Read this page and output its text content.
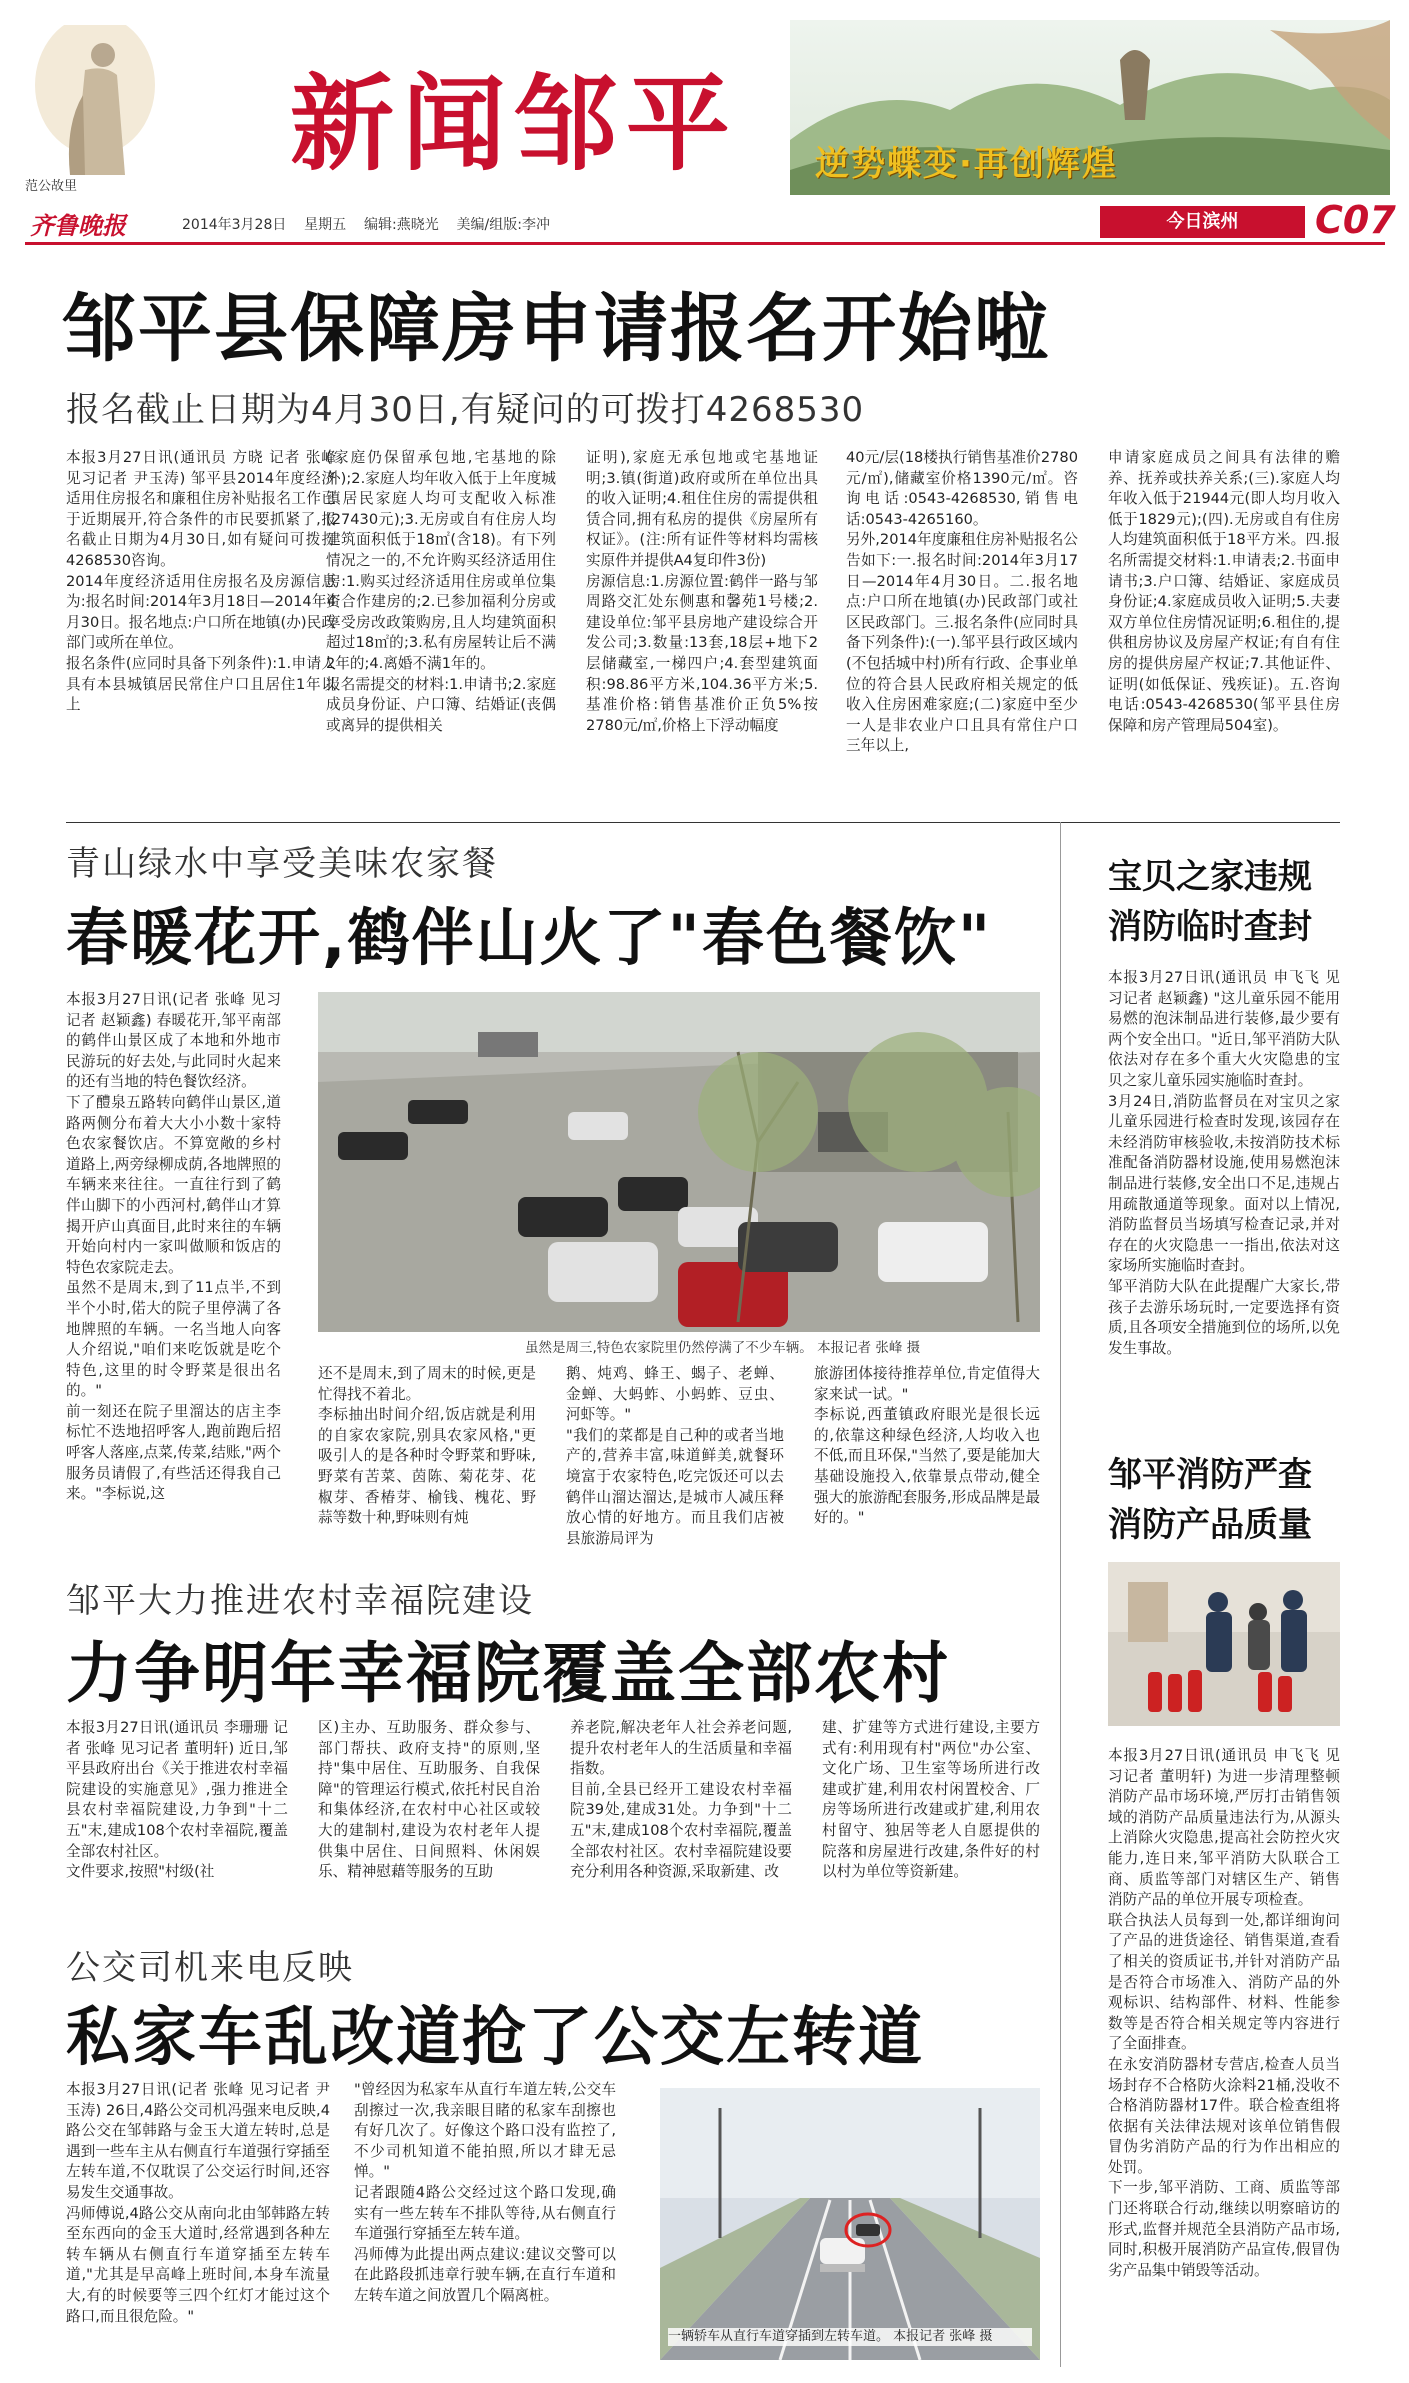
范公故里
新闻邹平 逆势蝶变·再创辉煌
齐鲁晚报	2014年3月28日 星期五 编辑:燕晓光 美编/组版:李冲	今日滨州	C07
邹平县保障房申请报名开始啦
报名截止日期为4月30日,有疑问的可拨打4268530
本报3月27日讯(通讯员 方晓 记者 张峰 见习记者 尹玉涛) 邹平县2014年度经济适用住房报名和廉租住房补贴报名工作已于近期展开,符合条件的市民要抓紧了,报名截止日期为4月30日,如有疑问可拨打4268530咨询。
2014年度经济适用住房报名及房源信息为:报名时间:2014年3月18日—2014年4月30日。报名地点:户口所在地镇(办)民政部门或所在单位。
报名条件(应同时具备下列条件):1.申请人具有本县城镇居民常住户口且居住1年以上
(家庭仍保留承包地,宅基地的除外);2.家庭人均年收入低于上年度城镇居民家庭人均可支配收入标准(27430元);3.无房或自有住房人均建筑面积低于18㎡(含18)。有下列情况之一的,不允许购买经济适用住房:1.购买过经济适用住房或单位集资合作建房的;2.已参加福利分房或享受房改政策购房,且人均建筑面积超过18㎡的;3.私有房屋转让后不满2年的;4.离婚不满1年的。
报名需提交的材料:1.申请书;2.家庭成员身份证、户口簿、结婚证(丧偶或离异的提供相关
证明),家庭无承包地或宅基地证明;3.镇(街道)政府或所在单位出具的收入证明;4.租住住房的需提供租赁合同,拥有私房的提供《房屋所有权证》。(注:所有证件等材料均需核实原件并提供A4复印件3份)
房源信息:1.房源位置:鹤伴一路与邹周路交汇处东侧惠和馨苑1号楼;2.建设单位:邹平县房地产建设综合开发公司;3.数量:13套,18层+地下2层储藏室,一梯四户;4.套型建筑面积:98.86平方米,104.36平方米;5.基准价格:销售基准价正负5%按2780元/㎡,价格上下浮动幅度
40元/层(18楼执行销售基准价2780元/㎡),储藏室价格1390元/㎡。咨询电话:0543-4268530,销售电话:0543-4265160。
另外,2014年度廉租住房补贴报名公告如下:一.报名时间:2014年3月17日—2014年4月30日。二.报名地点:户口所在地镇(办)民政部门或社区民政部门。三.报名条件(应同时具备下列条件):(一).邹平县行政区域内(不包括城中村)所有行政、企事业单位的符合县人民政府相关规定的低收入住房困难家庭;(二)家庭中至少一人是非农业户口且具有常住户口三年以上,
申请家庭成员之间具有法律的赡养、抚养或扶养关系;(三).家庭人均年收入低于21944元(即人均月收入低于1829元);(四).无房或自有住房人均建筑面积低于18平方米。四.报名所需提交材料:1.申请表;2.书面申请书;3.户口簿、结婚证、家庭成员身份证;4.家庭成员收入证明;5.夫妻双方单位住房情况证明;6.租住的,提供租房协议及房屋产权证;有自有住房的提供房屋产权证;7.其他证件、证明(如低保证、残疾证)。五.咨询电话:0543-4268530(邹平县住房保障和房产管理局504室)。
青山绿水中享受美味农家餐
春暖花开,鹤伴山火了"春色餐饮"
本报3月27日讯(记者 张峰 见习记者 赵颖鑫) 春暖花开,邹平南部的鹤伴山景区成了本地和外地市民游玩的好去处,与此同时火起来的还有当地的特色餐饮经济。
下了醴泉五路转向鹤伴山景区,道路两侧分布着大大小小数十家特色农家餐饮店。不算宽敞的乡村道路上,两旁绿柳成荫,各地牌照的车辆来来往往。一直往行到了鹤伴山脚下的小西河村,鹤伴山才算揭开庐山真面目,此时来往的车辆开始向村内一家叫做顺和饭店的特色农家院走去。
虽然不是周末,到了11点半,不到半个小时,偌大的院子里停满了各地牌照的车辆。一名当地人向客人介绍说,"咱们来吃饭就是吃个特色,这里的时令野菜是很出名的。"
前一刻还在院子里溜达的店主李标忙不迭地招呼客人,跑前跑后招呼客人落座,点菜,传菜,结账,"两个服务员请假了,有些活还得我自己来。"李标说,这
虽然是周三,特色农家院里仍然停满了不少车辆。 本报记者 张峰 摄
还不是周末,到了周末的时候,更是忙得找不着北。
李标抽出时间介绍,饭店就是利用的自家农家院,别具农家风格,"更吸引人的是各种时令野菜和野味,野菜有苦菜、茵陈、菊花芽、花椒芽、香椿芽、榆钱、槐花、野蒜等数十种,野味则有炖
鹅、炖鸡、蜂王、蝎子、老蝉、金蝉、大蚂蚱、小蚂蚱、豆虫、河虾等。"
"我们的菜都是自己种的或者当地产的,营养丰富,味道鲜美,就餐环境富于农家特色,吃完饭还可以去鹤伴山溜达溜达,是城市人减压释放心情的好地方。而且我们店被县旅游局评为
旅游团体接待推荐单位,肯定值得大家来试一试。"
李标说,西董镇政府眼光是很长远的,依靠这种绿色经济,人均收入也不低,而且环保,"当然了,要是能加大基础设施投入,依靠景点带动,健全强大的旅游配套服务,形成品牌是最好的。"
邹平大力推进农村幸福院建设
力争明年幸福院覆盖全部农村
本报3月27日讯(通讯员 李珊珊 记者 张峰 见习记者 董明轩) 近日,邹平县政府出台《关于推进农村幸福院建设的实施意见》,强力推进全县农村幸福院建设,力争到"十二五"末,建成108个农村幸福院,覆盖全部农村社区。
文件要求,按照"村级(社
区)主办、互助服务、群众参与、部门帮扶、政府支持"的原则,坚持"集中居住、互助服务、自我保障"的管理运行模式,依托村民自治和集体经济,在农村中心社区或较大的建制村,建设为农村老年人提供集中居住、日间照料、休闲娱乐、精神慰藉等服务的互助
养老院,解决老年人社会养老问题,提升农村老年人的生活质量和幸福指数。
目前,全县已经开工建设农村幸福院39处,建成31处。力争到"十二五"末,建成108个农村幸福院,覆盖全部农村社区。农村幸福院建设要充分利用各种资源,采取新建、改
建、扩建等方式进行建设,主要方式有:利用现有村"两位"办公室、文化广场、卫生室等场所进行改建或扩建,利用农村闲置校舍、厂房等场所进行改建或扩建,利用农村留守、独居等老人自愿提供的院落和房屋进行改建,条件好的村以村为单位等资新建。
公交司机来电反映
私家车乱改道抢了公交左转道
本报3月27日讯(记者 张峰 见习记者 尹玉涛) 26日,4路公交司机冯强来电反映,4路公交在邹韩路与金玉大道左转时,总是遇到一些车主从右侧直行车道强行穿插至左转车道,不仅耽误了公交运行时间,还容易发生交通事故。
冯师傅说,4路公交从南向北由邹韩路左转至东西向的金玉大道时,经常遇到各种左转车辆从右侧直行车道穿插至左转车道,"尤其是早高峰上班时间,本身车流量大,有的时候要等三四个红灯才能过这个路口,而且很危险。"
"曾经因为私家车从直行车道左转,公交车刮擦过一次,我亲眼目睹的私家车刮擦也有好几次了。好像这个路口没有监控了,不少司机知道不能拍照,所以才肆无忌惮。"
记者跟随4路公交经过这个路口发现,确实有一些左转车不排队等待,从右侧直行车道强行穿插至左转车道。
冯师傅为此提出两点建议:建议交警可以在此路段抓违章行驶车辆,在直行车道和左转车道之间放置几个隔离桩。
一辆轿车从直行车道穿插到左转车道。 本报记者 张峰 摄
宝贝之家违规
消防临时查封
本报3月27日讯(通讯员 申飞飞 见习记者 赵颖鑫) "这儿童乐园不能用易燃的泡沫制品进行装修,最少要有两个安全出口。"近日,邹平消防大队依法对存在多个重大火灾隐患的宝贝之家儿童乐园实施临时查封。
3月24日,消防监督员在对宝贝之家儿童乐园进行检查时发现,该园存在未经消防审核验收,未按消防技术标准配备消防器材设施,使用易燃泡沫制品进行装修,安全出口不足,违规占用疏散通道等现象。面对以上情况,消防监督员当场填写检查记录,并对存在的火灾隐患一一指出,依法对这家场所实施临时查封。
邹平消防大队在此提醒广大家长,带孩子去游乐场玩时,一定要选择有资质,且各项安全措施到位的场所,以免发生事故。
邹平消防严查
消防产品质量
本报3月27日讯(通讯员 申飞飞 见习记者 董明轩) 为进一步清理整顿消防产品市场环境,严厉打击销售领域的消防产品质量违法行为,从源头上消除火灾隐患,提高社会防控火灾能力,连日来,邹平消防大队联合工商、质监等部门对辖区生产、销售消防产品的单位开展专项检查。
联合执法人员每到一处,都详细询问了产品的进货途径、销售渠道,查看了相关的资质证书,并针对消防产品是否符合市场准入、消防产品的外观标识、结构部件、材料、性能参数等是否符合相关规定等内容进行了全面排查。
在永安消防器材专营店,检查人员当场封存不合格防火涂料21桶,没收不合格消防器材17件。联合检查组将依据有关法律法规对该单位销售假冒伪劣消防产品的行为作出相应的处罚。
下一步,邹平消防、工商、质监等部门还将联合行动,继续以明察暗访的形式,监督并规范全县消防产品市场,同时,积极开展消防产品宣传,假冒伪劣产品集中销毁等活动。
